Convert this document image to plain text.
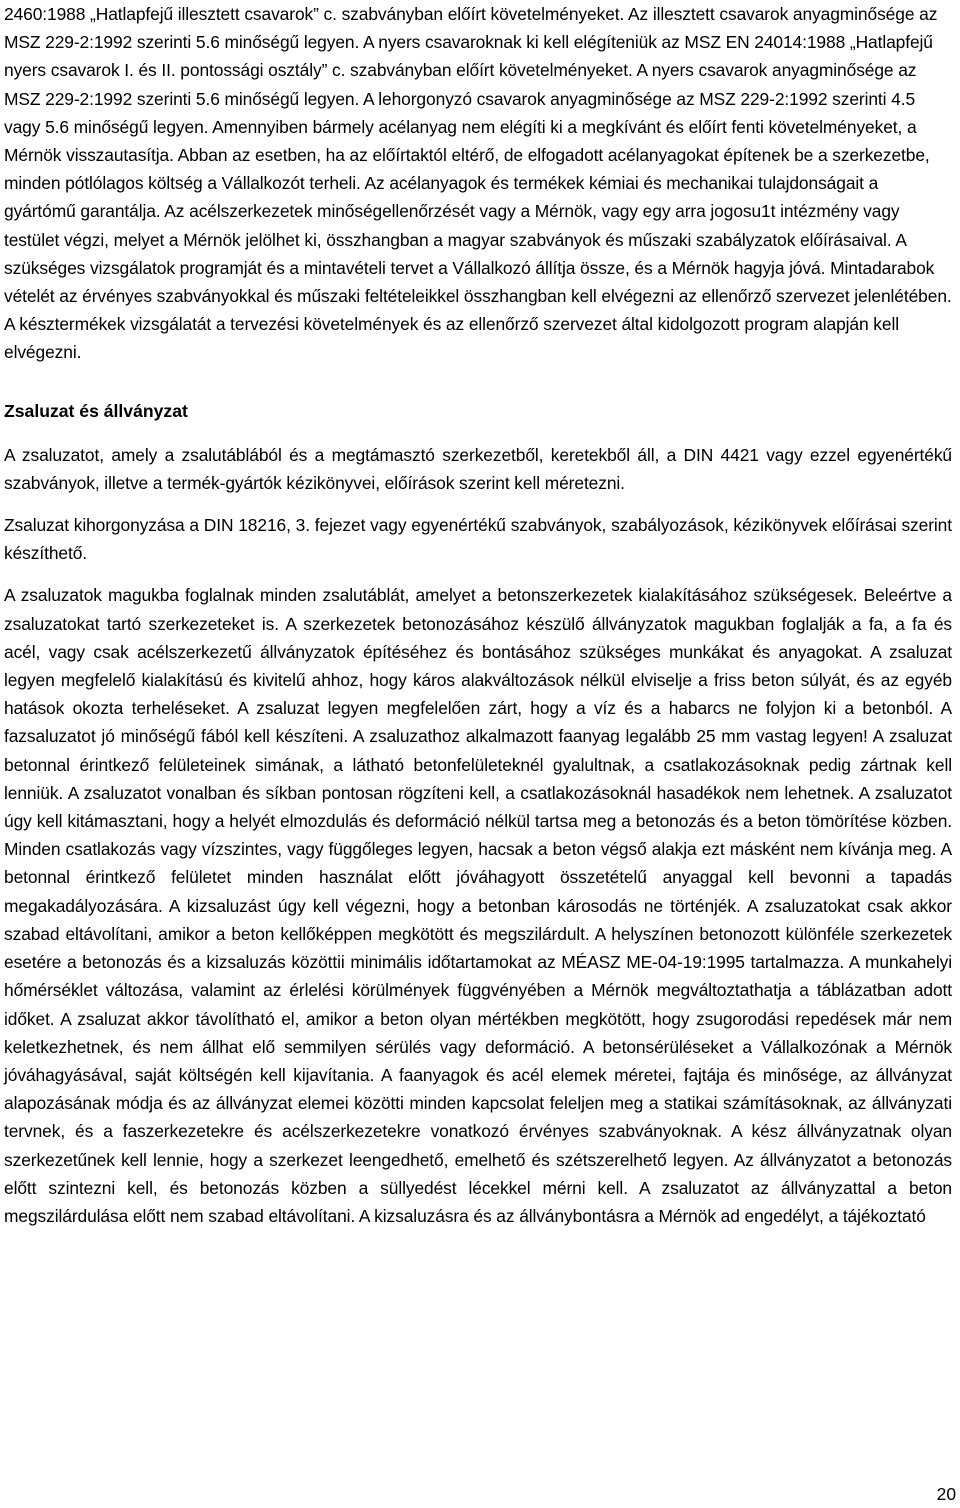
2460:1988 „Hatlapfejű illesztett csavarok” c. szabványban előírt követelményeket. Az illesztett csavarok anyagminősége az MSZ 229-2:1992 szerinti 5.6 minőségű legyen. A nyers csavaroknak ki kell elégíteniük az MSZ EN 24014:1988 „Hatlapfejű nyers csavarok I. és II. pontossági osztály” c. szabványban előírt követelményeket. A nyers csavarok anyagminősége az MSZ 229-2:1992 szerinti 5.6 minőségű legyen. A lehorgonyzó csavarok anyagminősége az MSZ 229-2:1992 szerinti 4.5 vagy 5.6 minőségű legyen. Amennyiben bármely acélanyag nem elégíti ki a megkívánt és előírt fenti követelményeket, a Mérnök visszautasítja. Abban az esetben, ha az előírtaktól eltérő, de elfogadott acélanyagokat építenek be a szerkezetbe, minden pótlólagos költség a Vállalkozót terheli. Az acélanyagok és termékek kémiai és mechanikai tulajdonságait a gyártómű garantálja. Az acélszerkezetek minőségellenőrzését vagy a Mérnök, vagy egy arra jogosu1t intézmény vagy testület végzi, melyet a Mérnök jelölhet ki, összhangban a magyar szabványok és műszaki szabályzatok előírásaival. A szükséges vizsgálatok programját és a mintavételi tervet a Vállalkozó állítja össze, és a Mérnök hagyja jóvá. Mintadarabok vételét az érvényes szabványokkal és műszaki feltételeikkel összhangban kell elvégezni az ellenőrző szervezet jelenlétében. A késztermékek vizsgálatát a tervezési követelmények és az ellenőrző szervezet által kidolgozott program alapján kell elvégezni.

Zsaluzat és állványzat

A zsaluzatot, amely a zsalutáblából és a megtámasztó szerkezetből, keretekből áll, a DIN 4421 vagy ezzel egyenértékű szabványok, illetve a termék-gyártók kézikönyvei, előírások szerint kell méretezni.

Zsaluzat kihorgonyzása a DIN 18216, 3. fejezet vagy egyenértékű szabványok, szabályozások, kézikönyvek előírásai szerint készíthető.

A zsaluzatok magukba foglalnak minden zsalutáblát, amelyet a betonszerkezetek kialakításához szükségesek. Beleértve a zsaluzatokat tartó szerkezeteket is. A szerkezetek betonozásához készülő állványzatok magukban foglalják a fa, a fa és acél, vagy csak acélszerkezetű állványzatok építéséhez és bontásához szükséges munkákat és anyagokat. A zsaluzat legyen megfelelő kialakítású és kivitelű ahhoz, hogy káros alakváltozások nélkül elviselje a friss beton súlyát, és az egyéb hatások okozta terheléseket. A zsaluzat legyen megfelelően zárt, hogy a víz és a habarcs ne folyjon ki a betonból. A fazsaluzatot jó minőségű fából kell készíteni. A zsaluzathoz alkalmazott faanyag legalább 25 mm vastag legyen! A zsaluzat betonnal érintkező felületeinek simának, a látható betonfelületeknél gyalultnak, a csatlakozásoknak pedig zártnak kell lenniük. A zsaluzatot vonalban és síkban pontosan rögzíteni kell, a csatlakozásoknál hasadékok nem lehetnek. A zsaluzatot úgy kell kitámasztani, hogy a helyét elmozdulás és deformáció nélkül tartsa meg a betonozás és a beton tömörítése közben. Minden csatlakozás vagy vízszintes, vagy függőleges legyen, hacsak a beton végső alakja ezt másként nem kívánja meg. A betonnal érintkező felületet minden használat előtt jóváhagyott összetételű anyaggal kell bevonni a tapadás megakadályozására. A kizsaluzást úgy kell végezni, hogy a betonban károsodás ne történjék. A zsaluzatokat csak akkor szabad eltávolítani, amikor a beton kellőképpen megkötött és megszilárdult. A helyszínen betonozott különféle szerkezetek esetére a betonozás és a kizsaluzás közöttii minimális időtartamokat az MÉASZ ME-04-19:1995 tartalmazza. A munkahelyi hőmérséklet változása, valamint az érlelési körülmények függvényében a Mérnök megváltoztathatja a táblázatban adott időket. A zsaluzat akkor távolítható el, amikor a beton olyan mértékben megkötött, hogy zsugorodási repedések már nem keletkezhetnek, és nem állhat elő semmilyen sérülés vagy deformáció. A betonsérüléseket a Vállalkozónak a Mérnök jóváhagyásával, saját költségén kell kijavítania. A faanyagok és acél elemek méretei, fajtája és minősége, az állványzat alapozásának módja és az állványzat elemei közötti minden kapcsolat feleljen meg a statikai számításoknak, az állványzati tervnek, és a faszerkezetekre és acélszerkezetekre vonatkozó érvényes szabványoknak. A kész állványzatnak olyan szerkezetűnek kell lennie, hogy a szerkezet leengedhető, emelhető és szétszerelhető legyen. Az állványzatot a betonozás előtt szintezni kell, és betonozás közben a süllyedést lécekkel mérni kell. A zsaluzatot az állványzattal a beton megszilárdulása előtt nem szabad eltávolítani. A kizsaluzásra és az állványbontásra a Mérnök ad engedélyt, a tájékoztató

20
